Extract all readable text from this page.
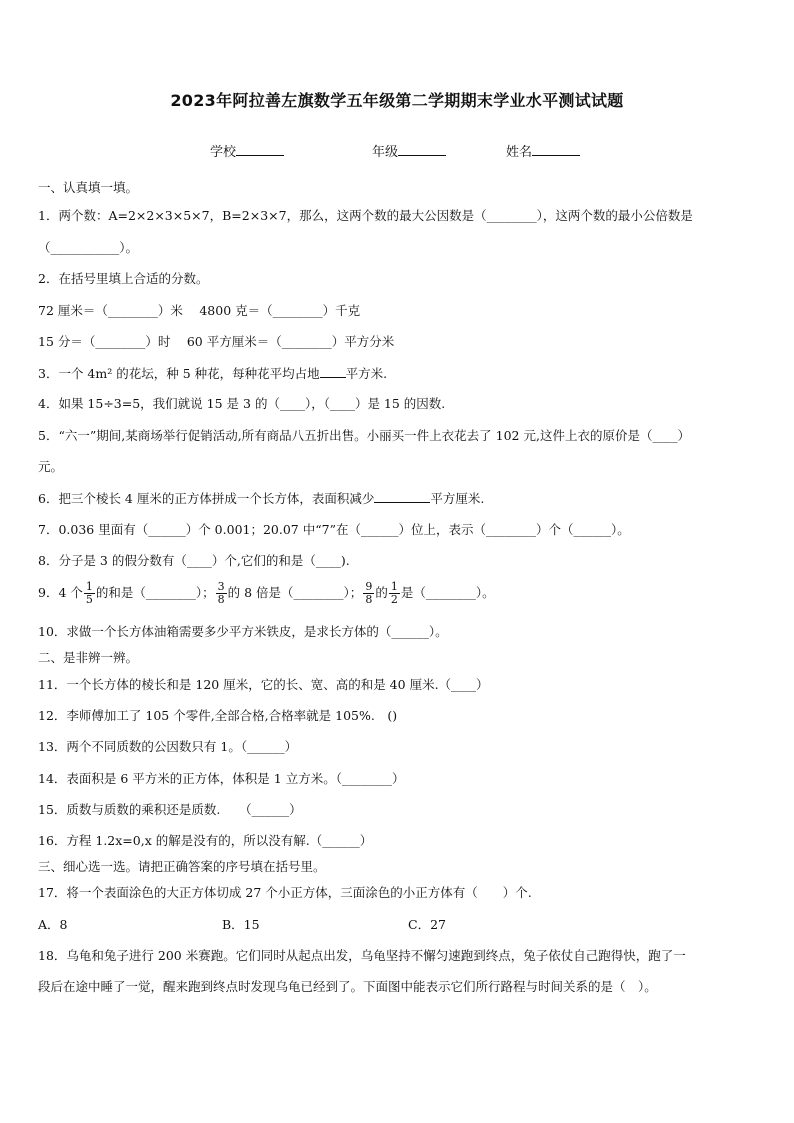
2023年阿拉善左旗数学五年级第二学期期末学业水平测试试题
学校	年级	姓名
一、认真填一填。
1．两个数：A=2×2×3×5×7，B=2×3×7，那么，这两个数的最大公因数是（________），这两个数的最小公倍数是
（___________）。
2．在括号里填上合适的分数。
72 厘米＝（________）米　 4800 克＝（________）千克
15 分＝（________）时　 60 平方厘米＝（________）平方分米
3．一个 4m² 的花坛，种 5 种花，每种花平均占地 平方米.
4．如果 15÷3=5，我们就说 15 是 3 的（____），（____）是 15 的因数.
5．“六一”期间,某商场举行促销活动,所有商品八五折出售。小丽买一件上衣花去了 102 元,这件上衣的原价是（____）
元。
6．把三个棱长 4 厘米的正方体拼成一个长方体，表面积减少	平方厘米.
7．0.036 里面有（______）个 0.001；20.07 中“7”在（______）位上，表示（________）个（______）。
8．分子是 3 的假分数有（____）个,它们的和是（____).
9．4 个 $\frac{1}{5}$ 的和是（________）； $\frac{3}{8}$ 的 8 倍是（________）； $\frac{9}{8}$ 的 $\frac{1}{2}$ 是（________）。
10．求做一个长方体油箱需要多少平方米铁皮，是求长方体的（______）。
二、是非辨一辨。
11．一个长方体的棱长和是 120 厘米，它的长、宽、高的和是 40 厘米.（____）
12．李师傅加工了 105 个零件,全部合格,合格率就是 105%.　()
13．两个不同质数的公因数只有 1。（______）
14．表面积是 6 平方米的正方体，体积是 1 立方米。（________）
15．质数与质数的乘积还是质数.　　（______）
16．方程 1.2x=0,x 的解是没有的，所以没有解.（______）
三、细心选一选。请把正确答案的序号填在括号里。
17．将一个表面涂色的大正方体切成 27 个小正方体，三面涂色的小正方体有（　　）个.
A．8	B．15	C．27
18．乌龟和兔子进行 200 米赛跑。它们同时从起点出发，乌龟坚持不懈匀速跑到终点，兔子依仗自己跑得快，跑了一
段后在途中睡了一觉，醒来跑到终点时发现乌龟已经到了。下面图中能表示它们所行路程与时间关系的是（　）。
